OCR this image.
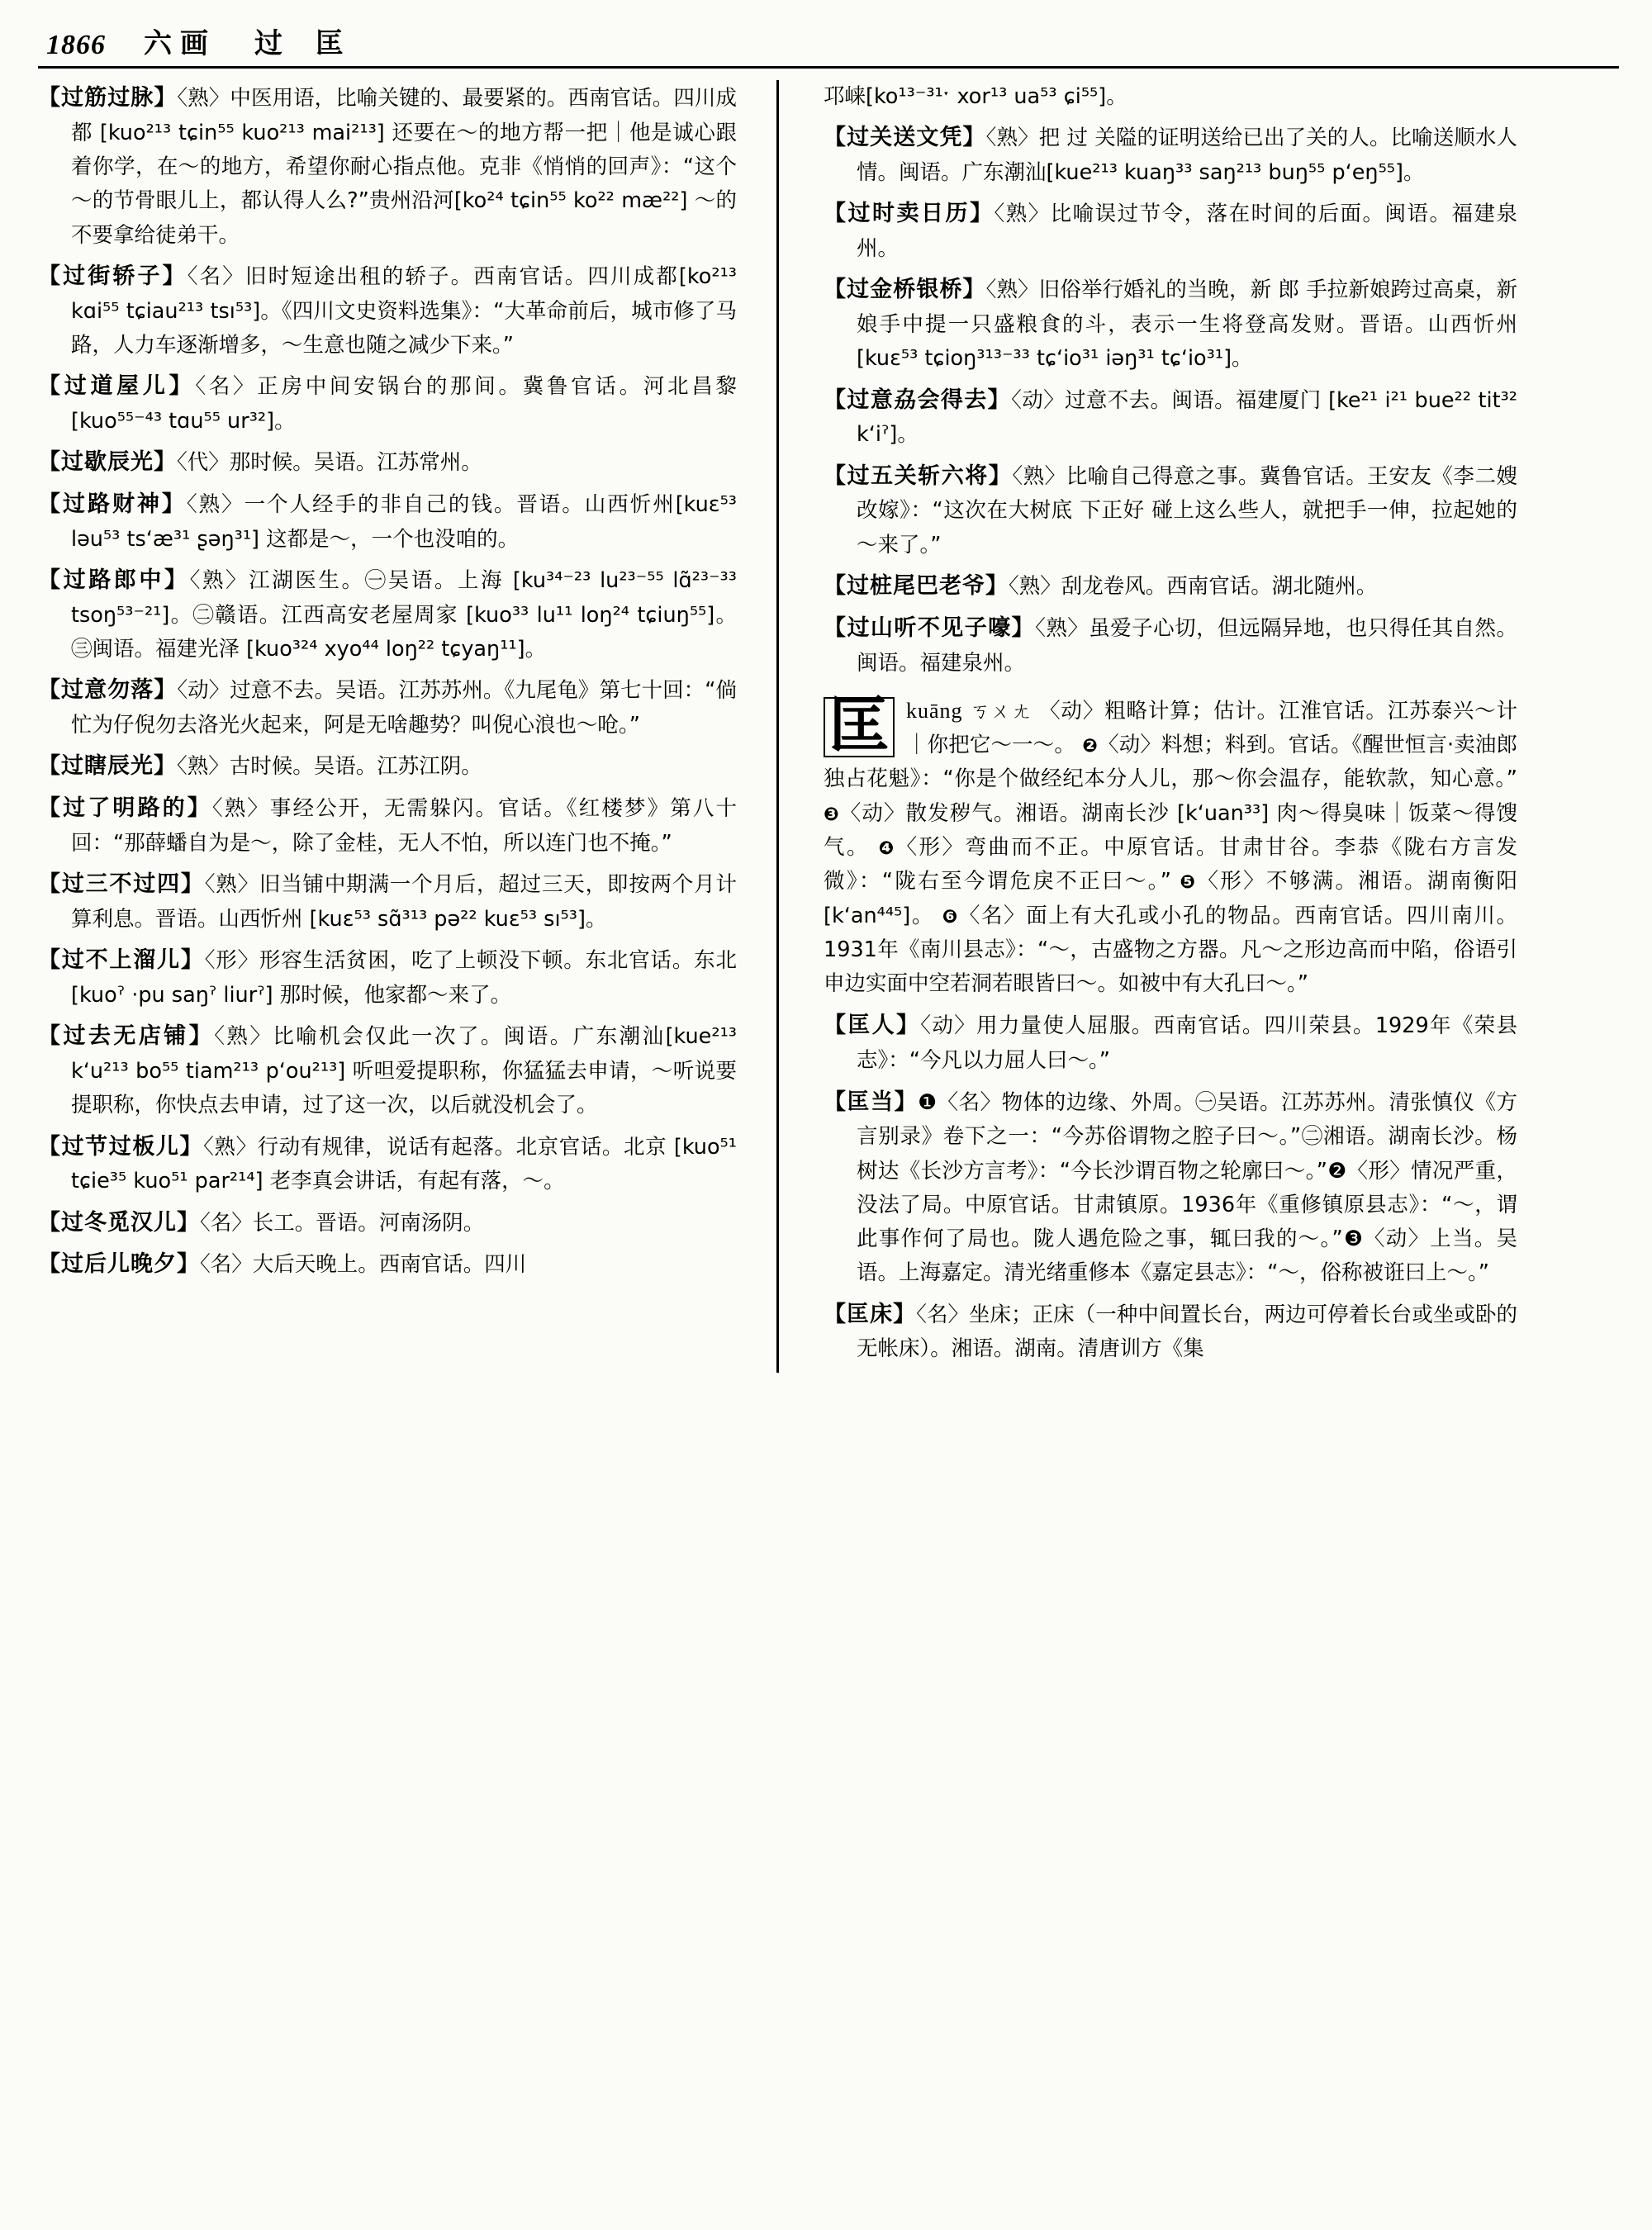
1866 六画 过 匡
【过筋过脉】〈熟〉中医用语，比喻关键的、最要紧的。西南官话。四川成都 [kuo²¹³ tɕin⁵⁵ kuo²¹³ mai²¹³] 还要在～的地方帮一把｜他是诚心跟着你学，在～的地方，希望你耐心指点他。克非《悄悄的回声》：“这个～的节骨眼儿上，都认得人么?”贵州沿河[ko²⁴ tɕin⁵⁵ ko²² mæ²²] ～的不要拿给徒弟干。
【过街轿子】〈名〉旧时短途出租的轿子。西南官话。四川成都[ko²¹³ kɑi⁵⁵ tɕiau²¹³ tsı⁵³]。《四川文史资料选集》：“大革命前后，城市修了马路，人力车逐渐增多，～生意也随之减少下来。”
【过道屋儿】〈名〉正房中间安锅台的那间。冀鲁官话。河北昌黎 [kuo⁵⁵⁻⁴³ tɑu⁵⁵ ur³²]。
【过歇辰光】〈代〉那时候。吴语。江苏常州。
【过路财神】〈熟〉一个人经手的非自己的钱。晋语。山西忻州[kuɛ⁵³ ləu⁵³ tsʻæ³¹ ʂəŋ³¹] 这都是～，一个也没咱的。
【过路郎中】〈熟〉江湖医生。㊀吴语。上海 [ku³⁴⁻²³ lu²³⁻⁵⁵ lɑ̃²³⁻³³ tsoŋ⁵³⁻²¹]。㊁赣语。江西高安老屋周家 [kuo³³ lu¹¹ loŋ²⁴ tɕiuŋ⁵⁵]。㊂闽语。福建光泽 [kuo³²⁴ xyo⁴⁴ loŋ²² tɕyaŋ¹¹]。
【过意勿落】〈动〉过意不去。吴语。江苏苏州。《九尾龟》第七十回：“倘忙为仔倪勿去洛光火起来，阿是无啥趣势？叫倪心浪也～呛。”
【过瞎辰光】〈熟〉古时候。吴语。江苏江阴。
【过了明路的】〈熟〉事经公开，无需躲闪。官话。《红楼梦》第八十回：“那薛蟠自为是～，除了金桂，无人不怕，所以连门也不掩。”
【过三不过四】〈熟〉旧当铺中期满一个月后，超过三天，即按两个月计算利息。晋语。山西忻州 [kuɛ⁵³ sɑ̃³¹³ pə²² kuɛ⁵³ sı⁵³]。
【过不上溜儿】〈形〉形容生活贫困，吃了上顿没下顿。东北官话。东北 [kuoˀ ·pu saŋˀ liurˀ] 那时候，他家都～来了。
【过去无店铺】〈熟〉比喻机会仅此一次了。闽语。广东潮汕[kue²¹³ kʻu²¹³ bo⁵⁵ tiam²¹³ pʻou²¹³] 听呾爱提职称，你猛猛去申请，～听说要提职称，你快点去申请，过了这一次，以后就没机会了。
【过节过板儿】〈熟〉行动有规律，说话有起落。北京官话。北京 [kuo⁵¹ tɕie³⁵ kuo⁵¹ par²¹⁴] 老李真会讲话，有起有落，～。
【过冬觅汉儿】〈名〉长工。晋语。河南汤阴。
【过后儿晚夕】〈名〉大后天晚上。西南官话。四川
邛崃[ko¹³⁻³¹ˑ xor¹³ ua⁵³ ɕi⁵⁵]。
【过关送文凭】〈熟〉把 过 关隘的证明送给已出了关的人。比喻送顺水人情。闽语。广东潮汕[kue²¹³ kuaŋ³³ saŋ²¹³ buŋ⁵⁵ pʻeŋ⁵⁵]。
【过时卖日历】〈熟〉比喻误过节令，落在时间的后面。闽语。福建泉州。
【过金桥银桥】〈熟〉旧俗举行婚礼的当晚，新 郎 手拉新娘跨过高桌，新娘手中提一只盛粮食的斗，表示一生将登高发财。晋语。山西忻州[kuɛ⁵³ tɕioŋ³¹³⁻³³ tɕʻio³¹ iəŋ³¹ tɕʻio³¹]。
【过意劦会得去】〈动〉过意不去。闽语。福建厦门 [ke²¹ i²¹ bue²² tit³² kʻiˀ]。
【过五关斩六将】〈熟〉比喻自己得意之事。冀鲁官话。王安友《李二嫂改嫁》：“这次在大树底 下正好 碰上这么些人，就把手一伸，拉起她的～来了。”
【过桩尾巴老爷】〈熟〉刮龙卷风。西南官话。湖北随州。
【过山听不见子嚎】〈熟〉虽爱子心切，但远隔异地，也只得任其自然。闽语。福建泉州。
匡 kuāng ㄎㄨㄤ 〈动〉粗略计算；估计。江淮官话。江苏泰兴～计｜你把它～一～。 ❷〈动〉料想；料到。官话。《醒世恒言·卖油郎独占花魁》：“你是个做经纪本分人儿，那～你会温存，能软款，知心意。” ❸〈动〉散发秽气。湘语。湖南长沙 [kʻuan³³] 肉～得臭味｜饭菜～得馊气。 ❹〈形〉弯曲而不正。中原官话。甘肃甘谷。李恭《陇右方言发微》：“陇右至今谓危戾不正曰～。” ❺〈形〉不够满。湘语。湖南衡阳 [kʻan⁴⁴⁵]。 ❻〈名〉面上有大孔或小孔的物品。西南官话。四川南川。1931年《南川县志》：“～，古盛物之方器。凡～之形边高而中陷，俗语引申边实面中空若洞若眼皆曰～。如被中有大孔曰～。”
【匡人】〈动〉用力量使人屈服。西南官话。四川荣县。1929年《荣县志》：“今凡以力屈人曰～。”
【匡当】❶〈名〉物体的边缘、外周。㊀吴语。江苏苏州。清张慎仪《方言别录》卷下之一：“今苏俗谓物之腔子曰～。”㊁湘语。湖南长沙。杨树达《长沙方言考》：“今长沙谓百物之轮廓曰～。”❷〈形〉情况严重，没法了局。中原官话。甘肃镇原。1936年《重修镇原县志》：“～，谓此事作何了局也。陇人遇危险之事，辄曰我的～。”❸〈动〉上当。吴语。上海嘉定。清光绪重修本《嘉定县志》：“～，俗称被诳曰上～。”
【匡床】〈名〉坐床；正床（一种中间置长台，两边可停着长台或坐或卧的无帐床）。湘语。湖南。清唐训方《集
